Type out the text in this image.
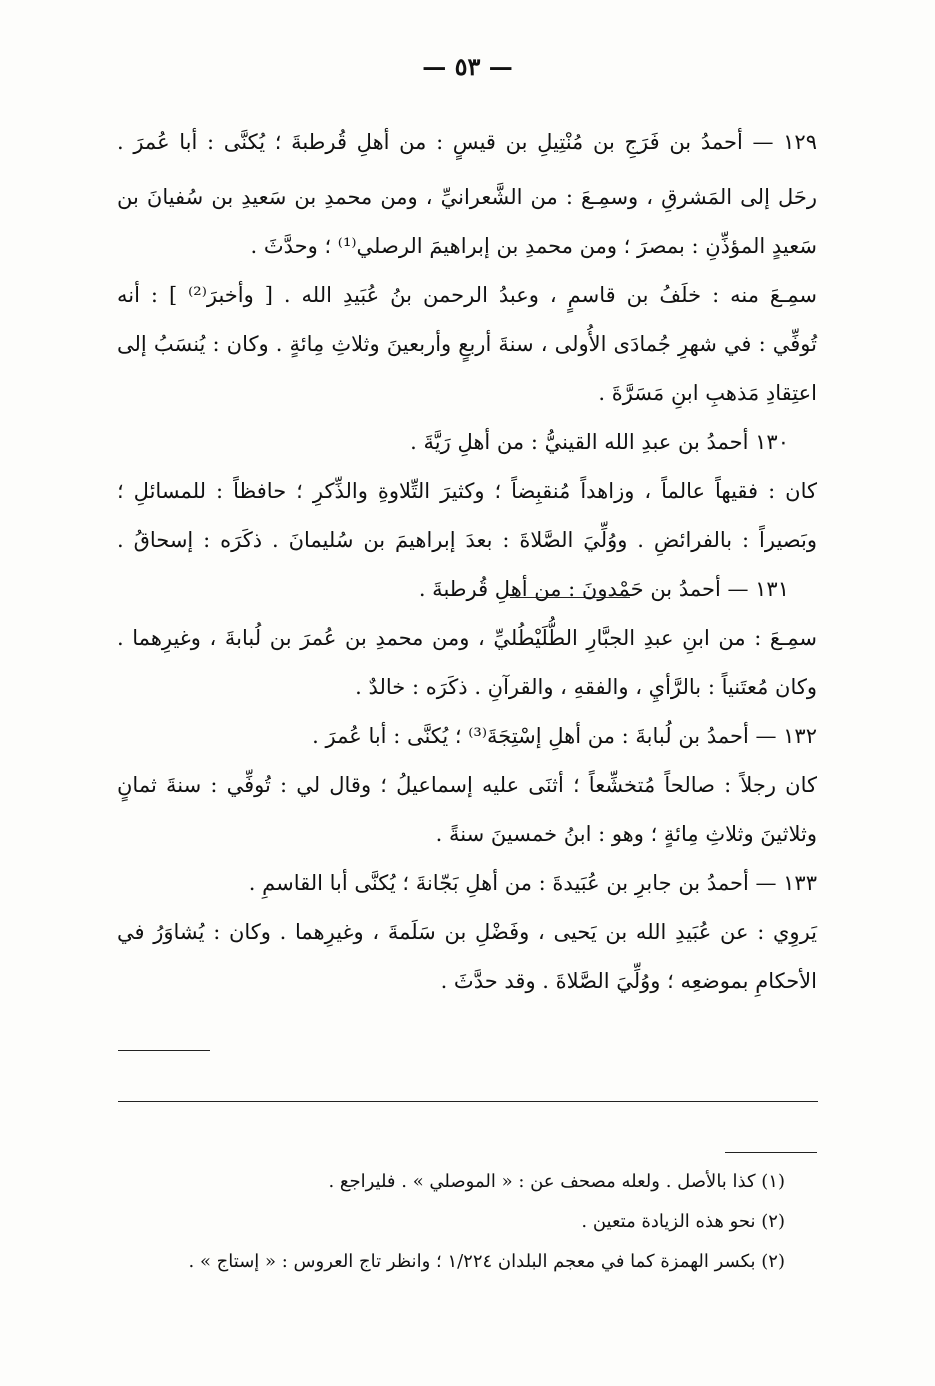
— ٥٣ —
١٢٩ — أحمدُ بن فَرَجِ بن مُنْتِيلِ بن قيسٍ : من أهلِ قُرطبةَ ؛ يُكنَّى : أبا عُمرَ .
رحَل إلى المَشرقِ ، وسمِـعَ : من الشَّعرانيِّ ، ومن محمدِ بن سَعيدِ بن سُفيانَ بن
سَعيدٍ المؤذِّنِ : بمصرَ ؛ ومن محمدِ بن إبراهيمَ الرصلي⁽¹⁾ ؛ وحدَّثَ .
سمِـعَ منه : خلَفُ بن قاسمٍ ، وعبدُ الرحمن بنُ عُبَيدِ الله . [ وأخبرَ⁽²⁾ ] : أنه
تُوفِّي : في شهرِ جُمادَى الأُولى ، سنةَ أربعٍ وأربعينَ وثلاثِ مِائةٍ . وكان : يُنسَبُ إلى
اعتِقادِ مَذهبِ ابنِ مَسَرَّةَ .
١٣٠ أحمدُ بن عبدِ الله القينيُّ : من أهلِ رَيَّةَ .
كان : فقيهاً عالماً ، وزاهداً مُنقبِضاً ؛ وكثيرَ التِّلاوةِ والذِّكرِ ؛ حافظاً : للمسائلِ ؛
وبَصيراً : بالفرائضِ . ووُلِّيَ الصَّلاةَ : بعدَ إبراهيمَ بن سُليمانَ . ذكَرَه : إسحاقُ .
١٣١ — أحمدُ بن حَمْدونَ : من أهلِ قُرطبةَ .
سمِـعَ : من ابنِ عبدِ الجبَّارِ الطُّلَيْطُليِّ ، ومن محمدِ بن عُمرَ بن لُبابةَ ، وغيرِهما .
وكان مُعتَنياً : بالرَّأيِ ، والفقهِ ، والقرآنِ . ذكَرَه : خالدٌ .
١٣٢ — أحمدُ بن لُبابةَ : من أهلِ إسْتِجَةَ⁽³⁾ ؛ يُكنَّى : أبا عُمرَ .
كان رجلاً : صالحاً مُتخشِّعاً ؛ أثنَى عليه إسماعيلُ ؛ وقال لي : تُوفِّي : سنةَ ثمانٍ
وثلاثينَ وثلاثِ مِائةٍ ؛ وهو : ابنُ خمسينَ سنةً .
١٣٣ — أحمدُ بن جابرِ بن عُبَيدةَ : من أهلِ بَجّانةَ ؛ يُكنَّى أبا القاسمِ .
يَروِي : عن عُبَيدِ الله بن يَحيى ، وفَضْلِ بن سَلَمةَ ، وغيرِهما . وكان : يُشاوَرُ في
الأحكامِ بموضعِه ؛ ووُلِّيَ الصَّلاةَ . وقد حدَّثَ .
(١) كذا بالأصل . ولعله مصحف عن : « الموصلي » . فليراجع .
(٢) نحو هذه الزيادة متعين .
(٢) بكسر الهمزة كما في معجم البلدان ١/٢٢٤ ؛ وانظر تاج العروس : « إستاج » .
